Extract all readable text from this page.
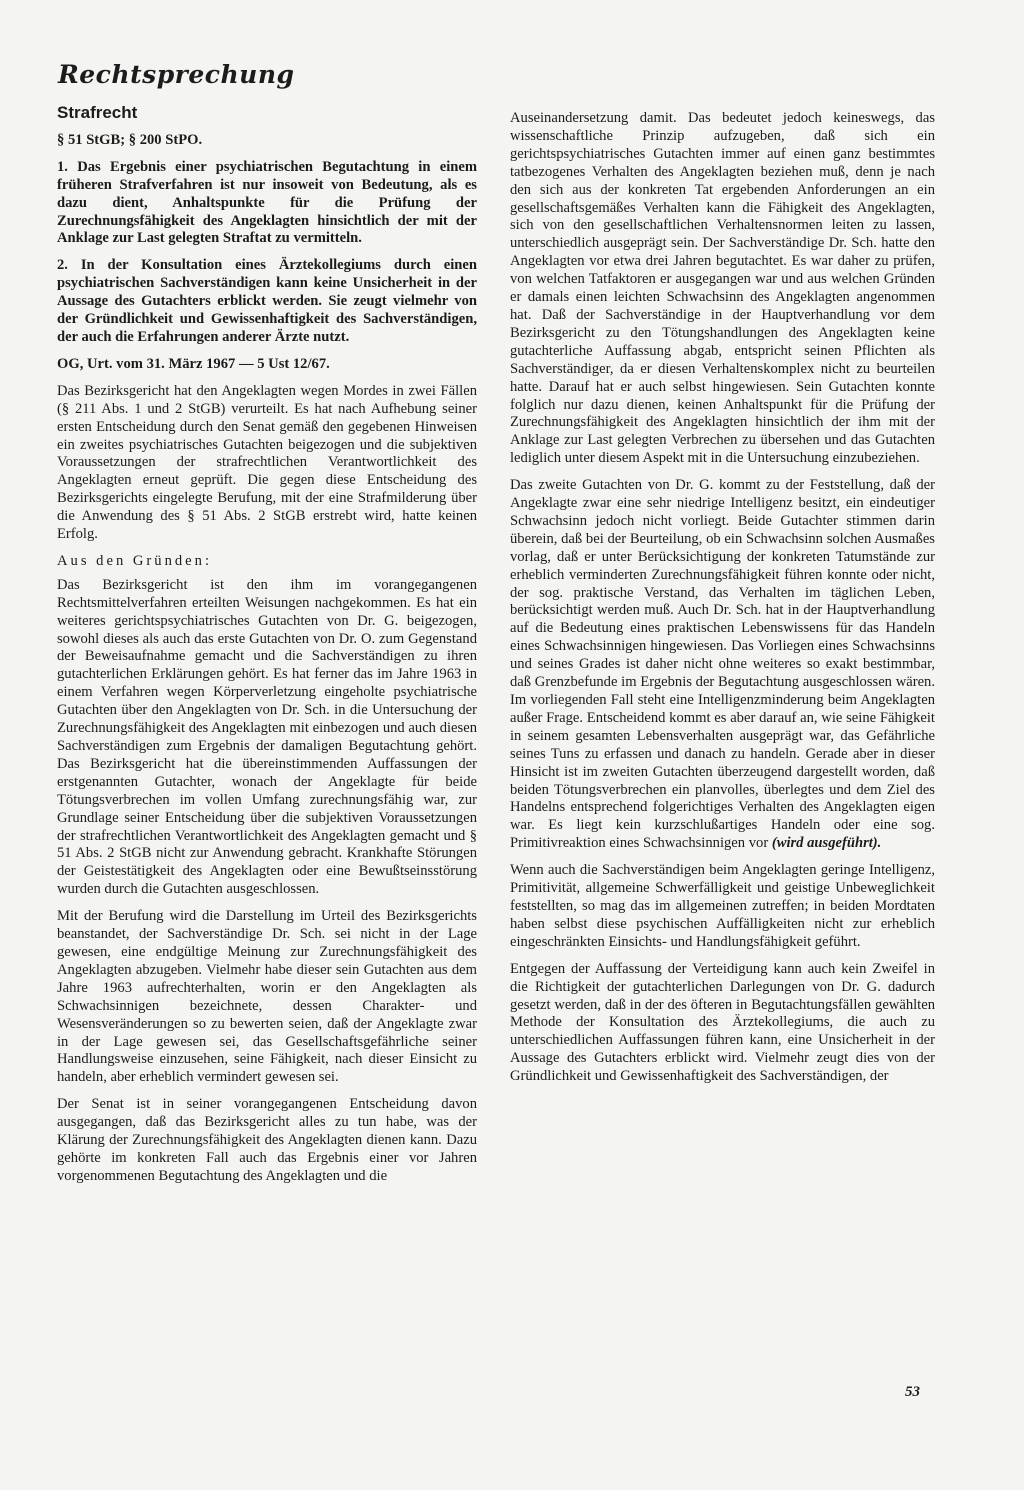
Rechtsprechung
Strafrecht

§ 51 StGB; § 200 StPO.

1. Das Ergebnis einer psychiatrischen Begutachtung in einem früheren Strafverfahren ist nur insoweit von Bedeutung, als es dazu dient, Anhaltspunkte für die Prüfung der Zurechnungsfähigkeit des Angeklagten hinsichtlich der mit der Anklage zur Last gelegten Straftat zu vermitteln.

2. In der Konsultation eines Ärztekollegiums durch einen psychiatrischen Sachverständigen kann keine Unsicherheit in der Aussage des Gutachters erblickt werden. Sie zeugt vielmehr von der Gründlichkeit und Gewissenhaftigkeit des Sachverständigen, der auch die Erfahrungen anderer Ärzte nutzt.

OG, Urt. vom 31. März 1967 — 5 Ust 12/67.

Das Bezirksgericht hat den Angeklagten wegen Mordes in zwei Fällen (§ 211 Abs. 1 und 2 StGB) verurteilt. Es hat nach Aufhebung seiner ersten Entscheidung durch den Senat gemäß den gegebenen Hinweisen ein zweites psychiatrisches Gutachten beigezogen und die subjektiven Voraussetzungen der strafrechtlichen Verantwortlichkeit des Angeklagten erneut geprüft. Die gegen diese Entscheidung des Bezirksgerichts eingelegte Berufung, mit der eine Strafmilderung über die Anwendung des § 51 Abs. 2 StGB erstrebt wird, hatte keinen Erfolg.

Aus den Gründen:

Das Bezirksgericht ist den ihm im vorangegangenen Rechtsmittelverfahren erteilten Weisungen nachgekommen. Es hat ein weiteres gerichtspsychiatrisches Gutachten von Dr. G. beigezogen, sowohl dieses als auch das erste Gutachten von Dr. O. zum Gegenstand der Beweisaufnahme gemacht und die Sachverständigen zu ihren gutachterlichen Erklärungen gehört. Es hat ferner das im Jahre 1963 in einem Verfahren wegen Körperverletzung eingeholte psychiatrische Gutachten über den Angeklagten von Dr. Sch. in die Untersuchung der Zurechnungsfähigkeit des Angeklagten mit einbezogen und auch diesen Sachverständigen zum Ergebnis der damaligen Begutachtung gehört. Das Bezirksgericht hat die übereinstimmenden Auffassungen der erstgenannten Gutachter, wonach der Angeklagte für beide Tötungsverbrechen im vollen Umfang zurechnungsfähig war, zur Grundlage seiner Entscheidung über die subjektiven Voraussetzungen der strafrechtlichen Verantwortlichkeit des Angeklagten gemacht und § 51 Abs. 2 StGB nicht zur Anwendung gebracht. Krankhafte Störungen der Geistestätigkeit des Angeklagten oder eine Bewußtseinsstörung wurden durch die Gutachten ausgeschlossen.

Mit der Berufung wird die Darstellung im Urteil des Bezirksgerichts beanstandet, der Sachverständige Dr. Sch. sei nicht in der Lage gewesen, eine endgültige Meinung zur Zurechnungsfähigkeit des Angeklagten abzugeben. Vielmehr habe dieser sein Gutachten aus dem Jahre 1963 aufrechterhalten, worin er den Angeklagten als Schwachsinnigen bezeichnete, dessen Charakter- und Wesensveränderungen so zu bewerten seien, daß der Angeklagte zwar in der Lage gewesen sei, das Gesellschaftsgefährliche seiner Handlungsweise einzusehen, seine Fähigkeit, nach dieser Einsicht zu handeln, aber erheblich vermindert gewesen sei.

Der Senat ist in seiner vorangegangenen Entscheidung davon ausgegangen, daß das Bezirksgericht alles zu tun habe, was der Klärung der Zurechnungsfähigkeit des Angeklagten dienen kann. Dazu gehörte im konkreten Fall auch das Ergebnis einer vor Jahren vorgenommenen Begutachtung des Angeklagten und die

Auseinandersetzung damit. Das bedeutet jedoch keineswegs, das wissenschaftliche Prinzip aufzugeben, daß sich ein gerichtspsychiatrisches Gutachten immer auf einen ganz bestimmtes tatbezogenes Verhalten des Angeklagten beziehen muß, denn je nach den sich aus der konkreten Tat ergebenden Anforderungen an ein gesellschaftsgemäßes Verhalten kann die Fähigkeit des Angeklagten, sich von den gesellschaftlichen Verhaltensnormen leiten zu lassen, unterschiedlich ausgeprägt sein. Der Sachverständige Dr. Sch. hatte den Angeklagten vor etwa drei Jahren begutachtet. Es war daher zu prüfen, von welchen Tatfaktoren er ausgegangen war und aus welchen Gründen er damals einen leichten Schwachsinn des Angeklagten angenommen hat. Daß der Sachverständige in der Hauptverhandlung vor dem Bezirksgericht zu den Tötungshandlungen des Angeklagten keine gutachterliche Auffassung abgab, entspricht seinen Pflichten als Sachverständiger, da er diesen Verhaltenskomplex nicht zu beurteilen hatte. Darauf hat er auch selbst hingewiesen. Sein Gutachten konnte folglich nur dazu dienen, keinen Anhaltspunkt für die Prüfung der Zurechnungsfähigkeit des Angeklagten hinsichtlich der ihm mit der Anklage zur Last gelegten Verbrechen zu übersehen und das Gutachten lediglich unter diesem Aspekt mit in die Untersuchung einzubeziehen.

Das zweite Gutachten von Dr. G. kommt zu der Feststellung, daß der Angeklagte zwar eine sehr niedrige Intelligenz besitzt, ein eindeutiger Schwachsinn jedoch nicht vorliegt. Beide Gutachter stimmen darin überein, daß bei der Beurteilung, ob ein Schwachsinn solchen Ausmaßes vorlag, daß er unter Berücksichtigung der konkreten Tatumstände zur erheblich verminderten Zurechnungsfähigkeit führen konnte oder nicht, der sog. praktische Verstand, das Verhalten im täglichen Leben, berücksichtigt werden muß. Auch Dr. Sch. hat in der Hauptverhandlung auf die Bedeutung eines praktischen Lebenswissens für das Handeln eines Schwachsinnigen hingewiesen. Das Vorliegen eines Schwachsinns und seines Grades ist daher nicht ohne weiteres so exakt bestimmbar, daß Grenzbefunde im Ergebnis der Begutachtung ausgeschlossen wären. Im vorliegenden Fall steht eine Intelligenzminderung beim Angeklagten außer Frage. Entscheidend kommt es aber darauf an, wie seine Fähigkeit in seinem gesamten Lebensverhalten ausgeprägt war, das Gefährliche seines Tuns zu erfassen und danach zu handeln. Gerade aber in dieser Hinsicht ist im zweiten Gutachten überzeugend dargestellt worden, daß beiden Tötungsverbrechen ein planvolles, überlegtes und dem Ziel des Handelns entsprechend folgerichtiges Verhalten des Angeklagten eigen war. Es liegt kein kurzschlußartiges Handeln oder eine sog. Primitivreaktion eines Schwachsinnigen vor (wird ausgeführt).

Wenn auch die Sachverständigen beim Angeklagten geringe Intelligenz, Primitivität, allgemeine Schwerfälligkeit und geistige Unbeweglichkeit feststellten, so mag das im allgemeinen zutreffen; in beiden Mordtaten haben selbst diese psychischen Auffälligkeiten nicht zur erheblich eingeschränkten Einsichts- und Handlungsfähigkeit geführt.

Entgegen der Auffassung der Verteidigung kann auch kein Zweifel in die Richtigkeit der gutachterlichen Darlegungen von Dr. G. dadurch gesetzt werden, daß in der des öfteren in Begutachtungsfällen gewählten Methode der Konsultation des Ärztekollegiums, die auch zu unterschiedlichen Auffassungen führen kann, eine Unsicherheit in der Aussage des Gutachters erblickt wird. Vielmehr zeugt dies von der Gründlichkeit und Gewissenhaftigkeit des Sachverständigen, der

53
